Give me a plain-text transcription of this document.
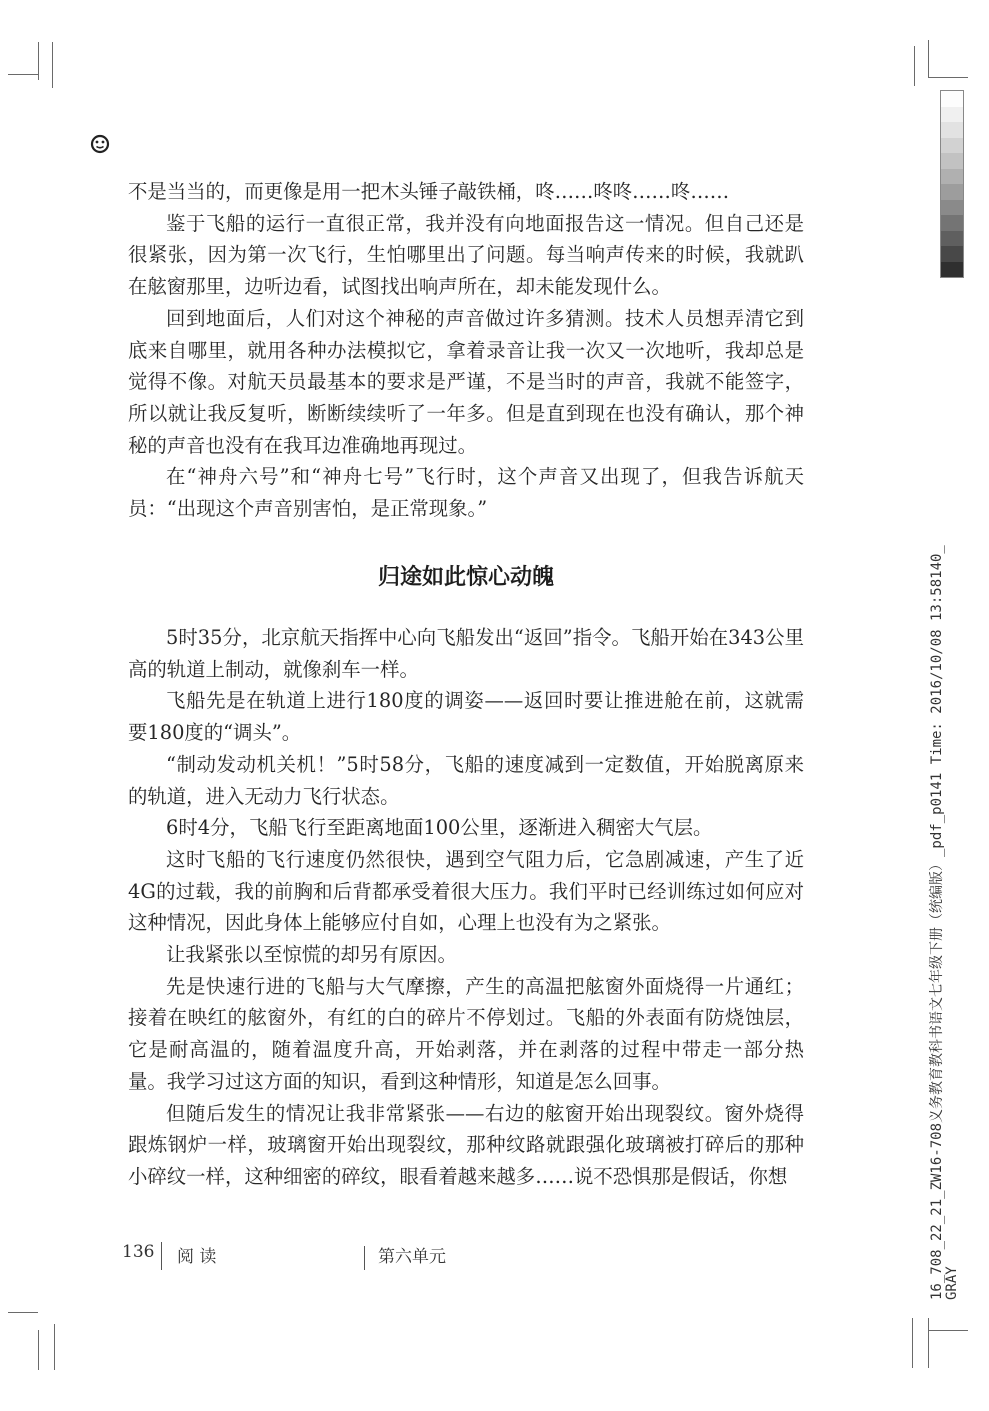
不是当当的，而更像是用一把木头锤子敲铁桶，咚……咚咚……咚……

鉴于飞船的运行一直很正常，我并没有向地面报告这一情况。但自己还是很紧张，因为第一次飞行，生怕哪里出了问题。每当响声传来的时候，我就趴在舷窗那里，边听边看，试图找出响声所在，却未能发现什么。

回到地面后，人们对这个神秘的声音做过许多猜测。技术人员想弄清它到底来自哪里，就用各种办法模拟它，拿着录音让我一次又一次地听，我却总是觉得不像。对航天员最基本的要求是严谨，不是当时的声音，我就不能签字，所以就让我反复听，断断续续听了一年多。但是直到现在也没有确认，那个神秘的声音也没有在我耳边准确地再现过。

在“神舟六号”和“神舟七号”飞行时，这个声音又出现了，但我告诉航天员：“出现这个声音别害怕，是正常现象。”

归途如此惊心动魄

5时35分，北京航天指挥中心向飞船发出“返回”指令。飞船开始在343公里高的轨道上制动，就像刹车一样。

飞船先是在轨道上进行180度的调姿——返回时要让推进舱在前，这就需要180度的“调头”。

“制动发动机关机！”5时58分，飞船的速度减到一定数值，开始脱离原来的轨道，进入无动力飞行状态。

6时4分，飞船飞行至距离地面100公里，逐渐进入稠密大气层。

这时飞船的飞行速度仍然很快，遇到空气阻力后，它急剧减速，产生了近4G的过载，我的前胸和后背都承受着很大压力。我们平时已经训练过如何应对这种情况，因此身体上能够应付自如，心理上也没有为之紧张。

让我紧张以至惊慌的却另有原因。

先是快速行进的飞船与大气摩擦，产生的高温把舷窗外面烧得一片通红；接着在映红的舷窗外，有红的白的碎片不停划过。飞船的外表面有防烧蚀层，它是耐高温的，随着温度升高，开始剥落，并在剥落的过程中带走一部分热量。我学习过这方面的知识，看到这种情形，知道是怎么回事。

但随后发生的情况让我非常紧张——右边的舷窗开始出现裂纹。窗外烧得跟炼钢炉一样，玻璃窗开始出现裂纹，那种纹路就跟强化玻璃被打碎后的那种小碎纹一样，这种细密的碎纹，眼看着越来越多……说不恐惧那是假话，你想

136 阅 读	第六单元	16_708_22_21_ZW16-708义务教育教科书语文七年级下册（统编版）_pdf_p0141 Time: 2016/10/08 13:58140_ GRAY
